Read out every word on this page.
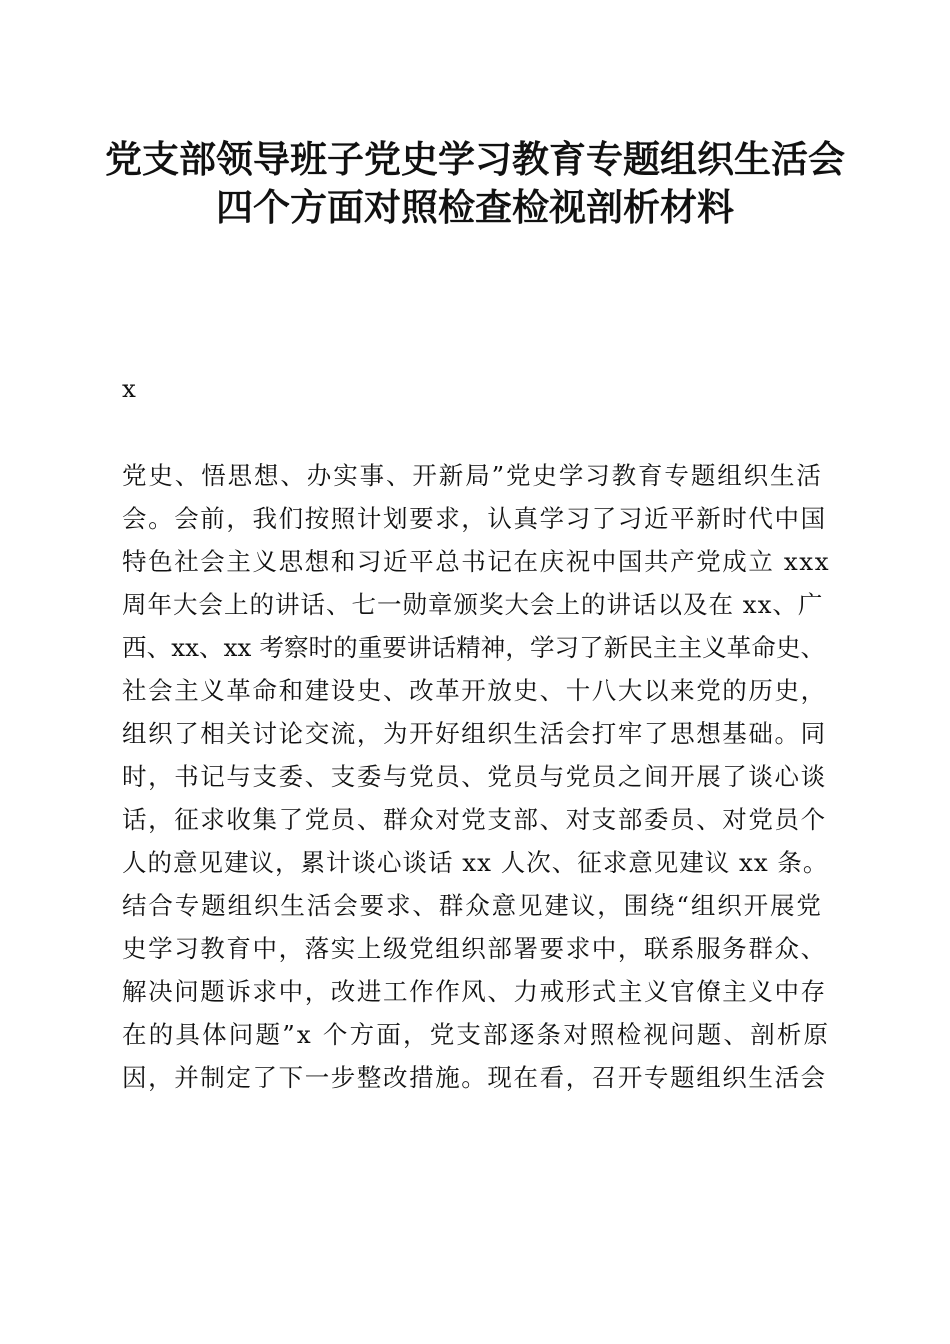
党支部领导班子党史学习教育专题组织生活会
四个方面对照检查检视剖析材料
x
党史、悟思想、办实事、开新局”党史学习教育专题组织生活
会。会前，我们按照计划要求，认真学习了习近平新时代中国
特色社会主义思想和习近平总书记在庆祝中国共产党成立 xxx
周年大会上的讲话、七一勋章颁奖大会上的讲话以及在 xx、广
西、xx、xx 考察时的重要讲话精神，学习了新民主主义革命史、
社会主义革命和建设史、改革开放史、十八大以来党的历史，
组织了相关讨论交流，为开好组织生活会打牢了思想基础。同
时，书记与支委、支委与党员、党员与党员之间开展了谈心谈
话，征求收集了党员、群众对党支部、对支部委员、对党员个
人的意见建议，累计谈心谈话 xx 人次、征求意见建议 xx 条。
结合专题组织生活会要求、群众意见建议，围绕“组织开展党
史学习教育中，落实上级党组织部署要求中，联系服务群众、
解决问题诉求中，改进工作作风、力戒形式主义官僚主义中存
在的具体问题”x 个方面，党支部逐条对照检视问题、剖析原
因，并制定了下一步整改措施。现在看，召开专题组织生活会
